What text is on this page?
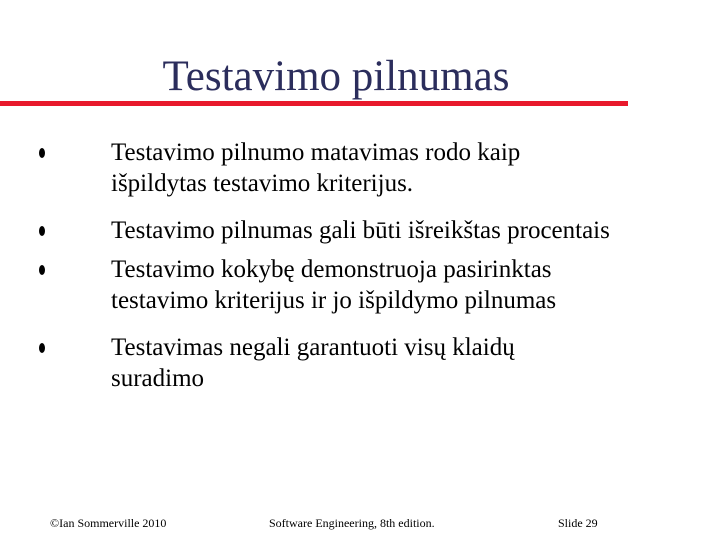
Testavimo pilnumas
Testavimo pilnumo matavimas rodo kaip
išpildytas testavimo kriterijus.
Testavimo pilnumas gali būti išreikštas procentais
Testavimo kokybę demonstruoja pasirinktas
testavimo kriterijus ir jo išpildymo pilnumas
Testavimas negali garantuoti visų klaidų
suradimo
©Ian Sommerville 2010	Software Engineering, 8th edition.	Slide 29
